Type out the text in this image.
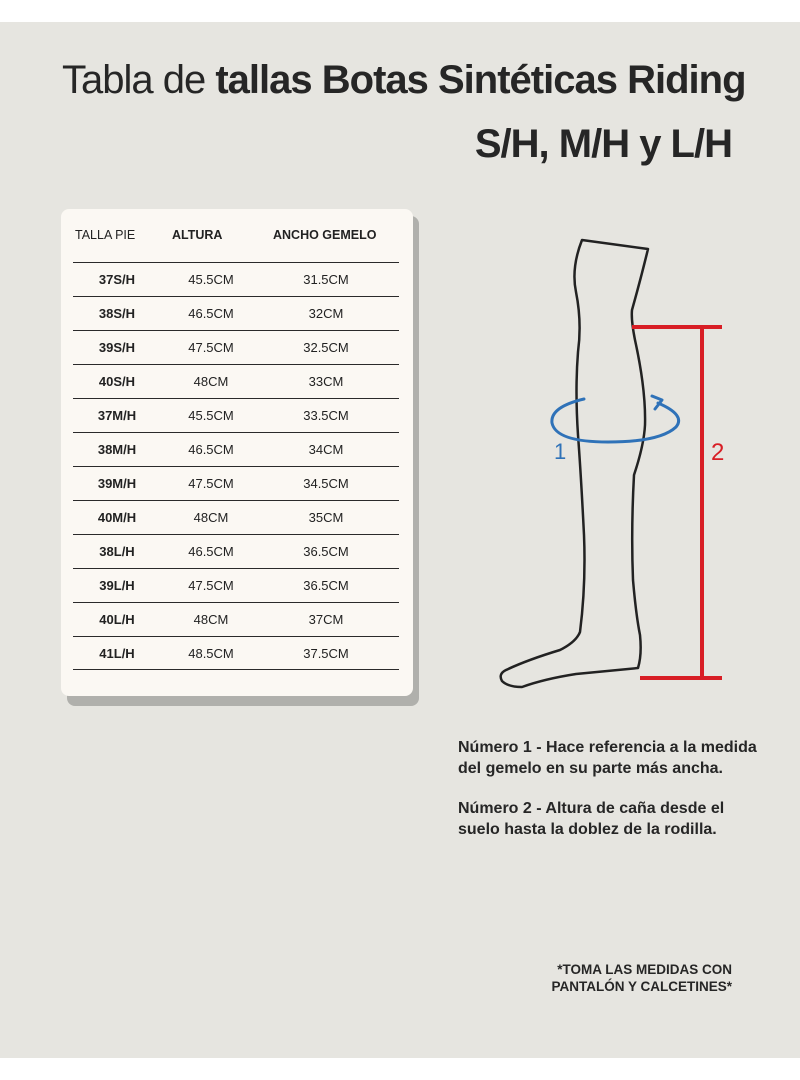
Tabla de tallas Botas Sintéticas Riding
S/H, M/H y L/H
TALLA PIE	ALTURA	ANCHO GEMELO
37S/H	45.5CM	31.5CM
38S/H	46.5CM	32CM
39S/H	47.5CM	32.5CM
40S/H	48CM	33CM
37M/H	45.5CM	33.5CM
38M/H	46.5CM	34CM
39M/H	47.5CM	34.5CM
40M/H	48CM	35CM
38L/H	46.5CM	36.5CM
39L/H	47.5CM	36.5CM
40L/H	48CM	37CM
41L/H	48.5CM	37.5CM
1	2

Número 1 - Hace referencia a la medida del gemelo en su parte más ancha.

Número 2 - Altura de caña desde el suelo hasta la doblez de la rodilla.

*TOMA LAS MEDIDAS CON
PANTALÓN Y CALCETINES*
